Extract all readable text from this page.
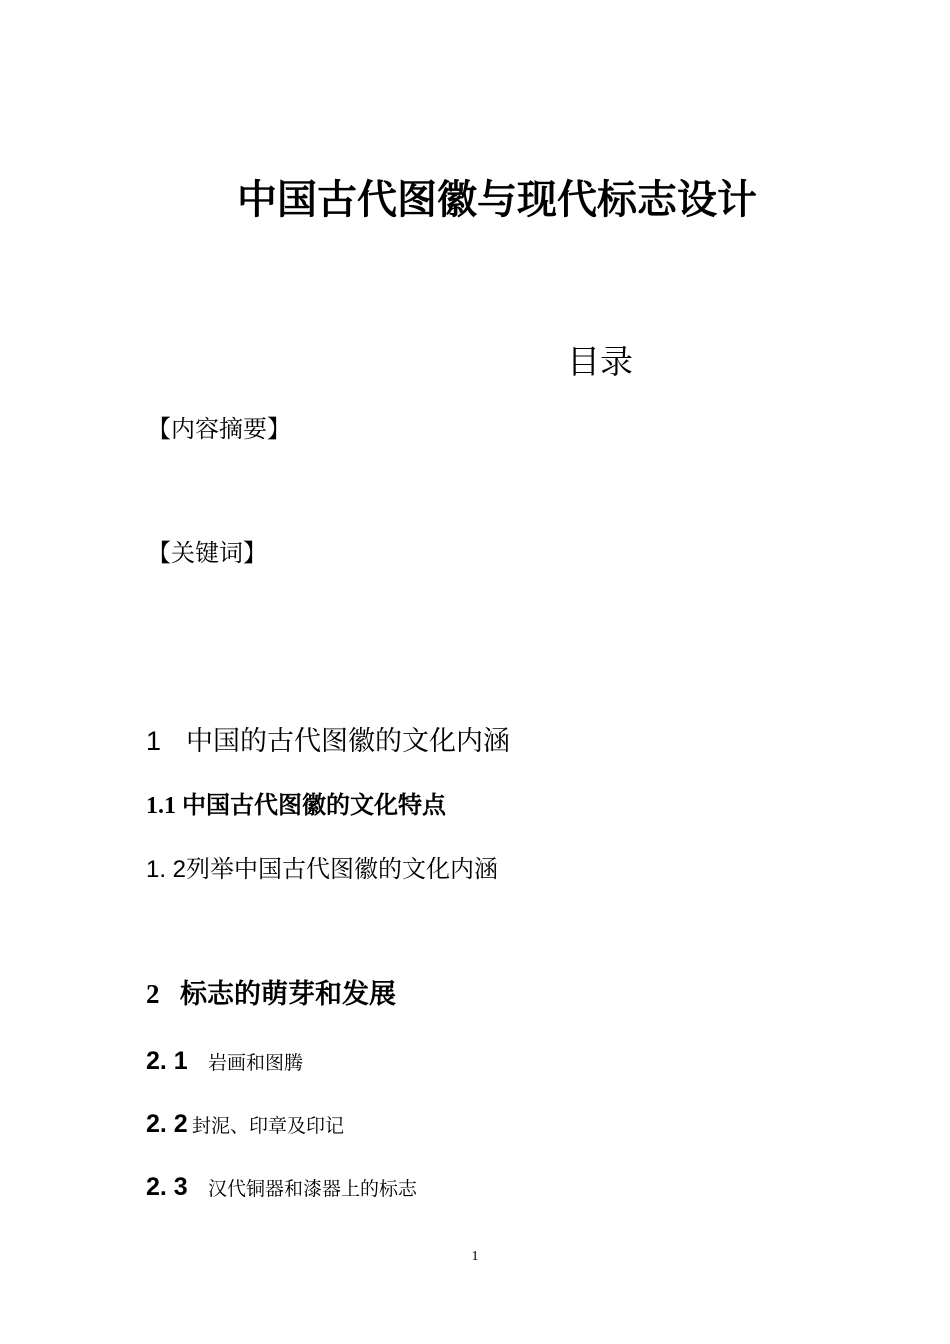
中国古代图徽与现代标志设计
目录
【内容摘要】
【关键词】
1 中国的古代图徽的文化内涵
1.1 中国古代图徽的文化特点
1. 2列举中国古代图徽的文化内涵
2 标志的萌芽和发展
2. 1 岩画和图腾
2. 2 封泥、印章及印记
2. 3 汉代铜器和漆器上的标志
1
